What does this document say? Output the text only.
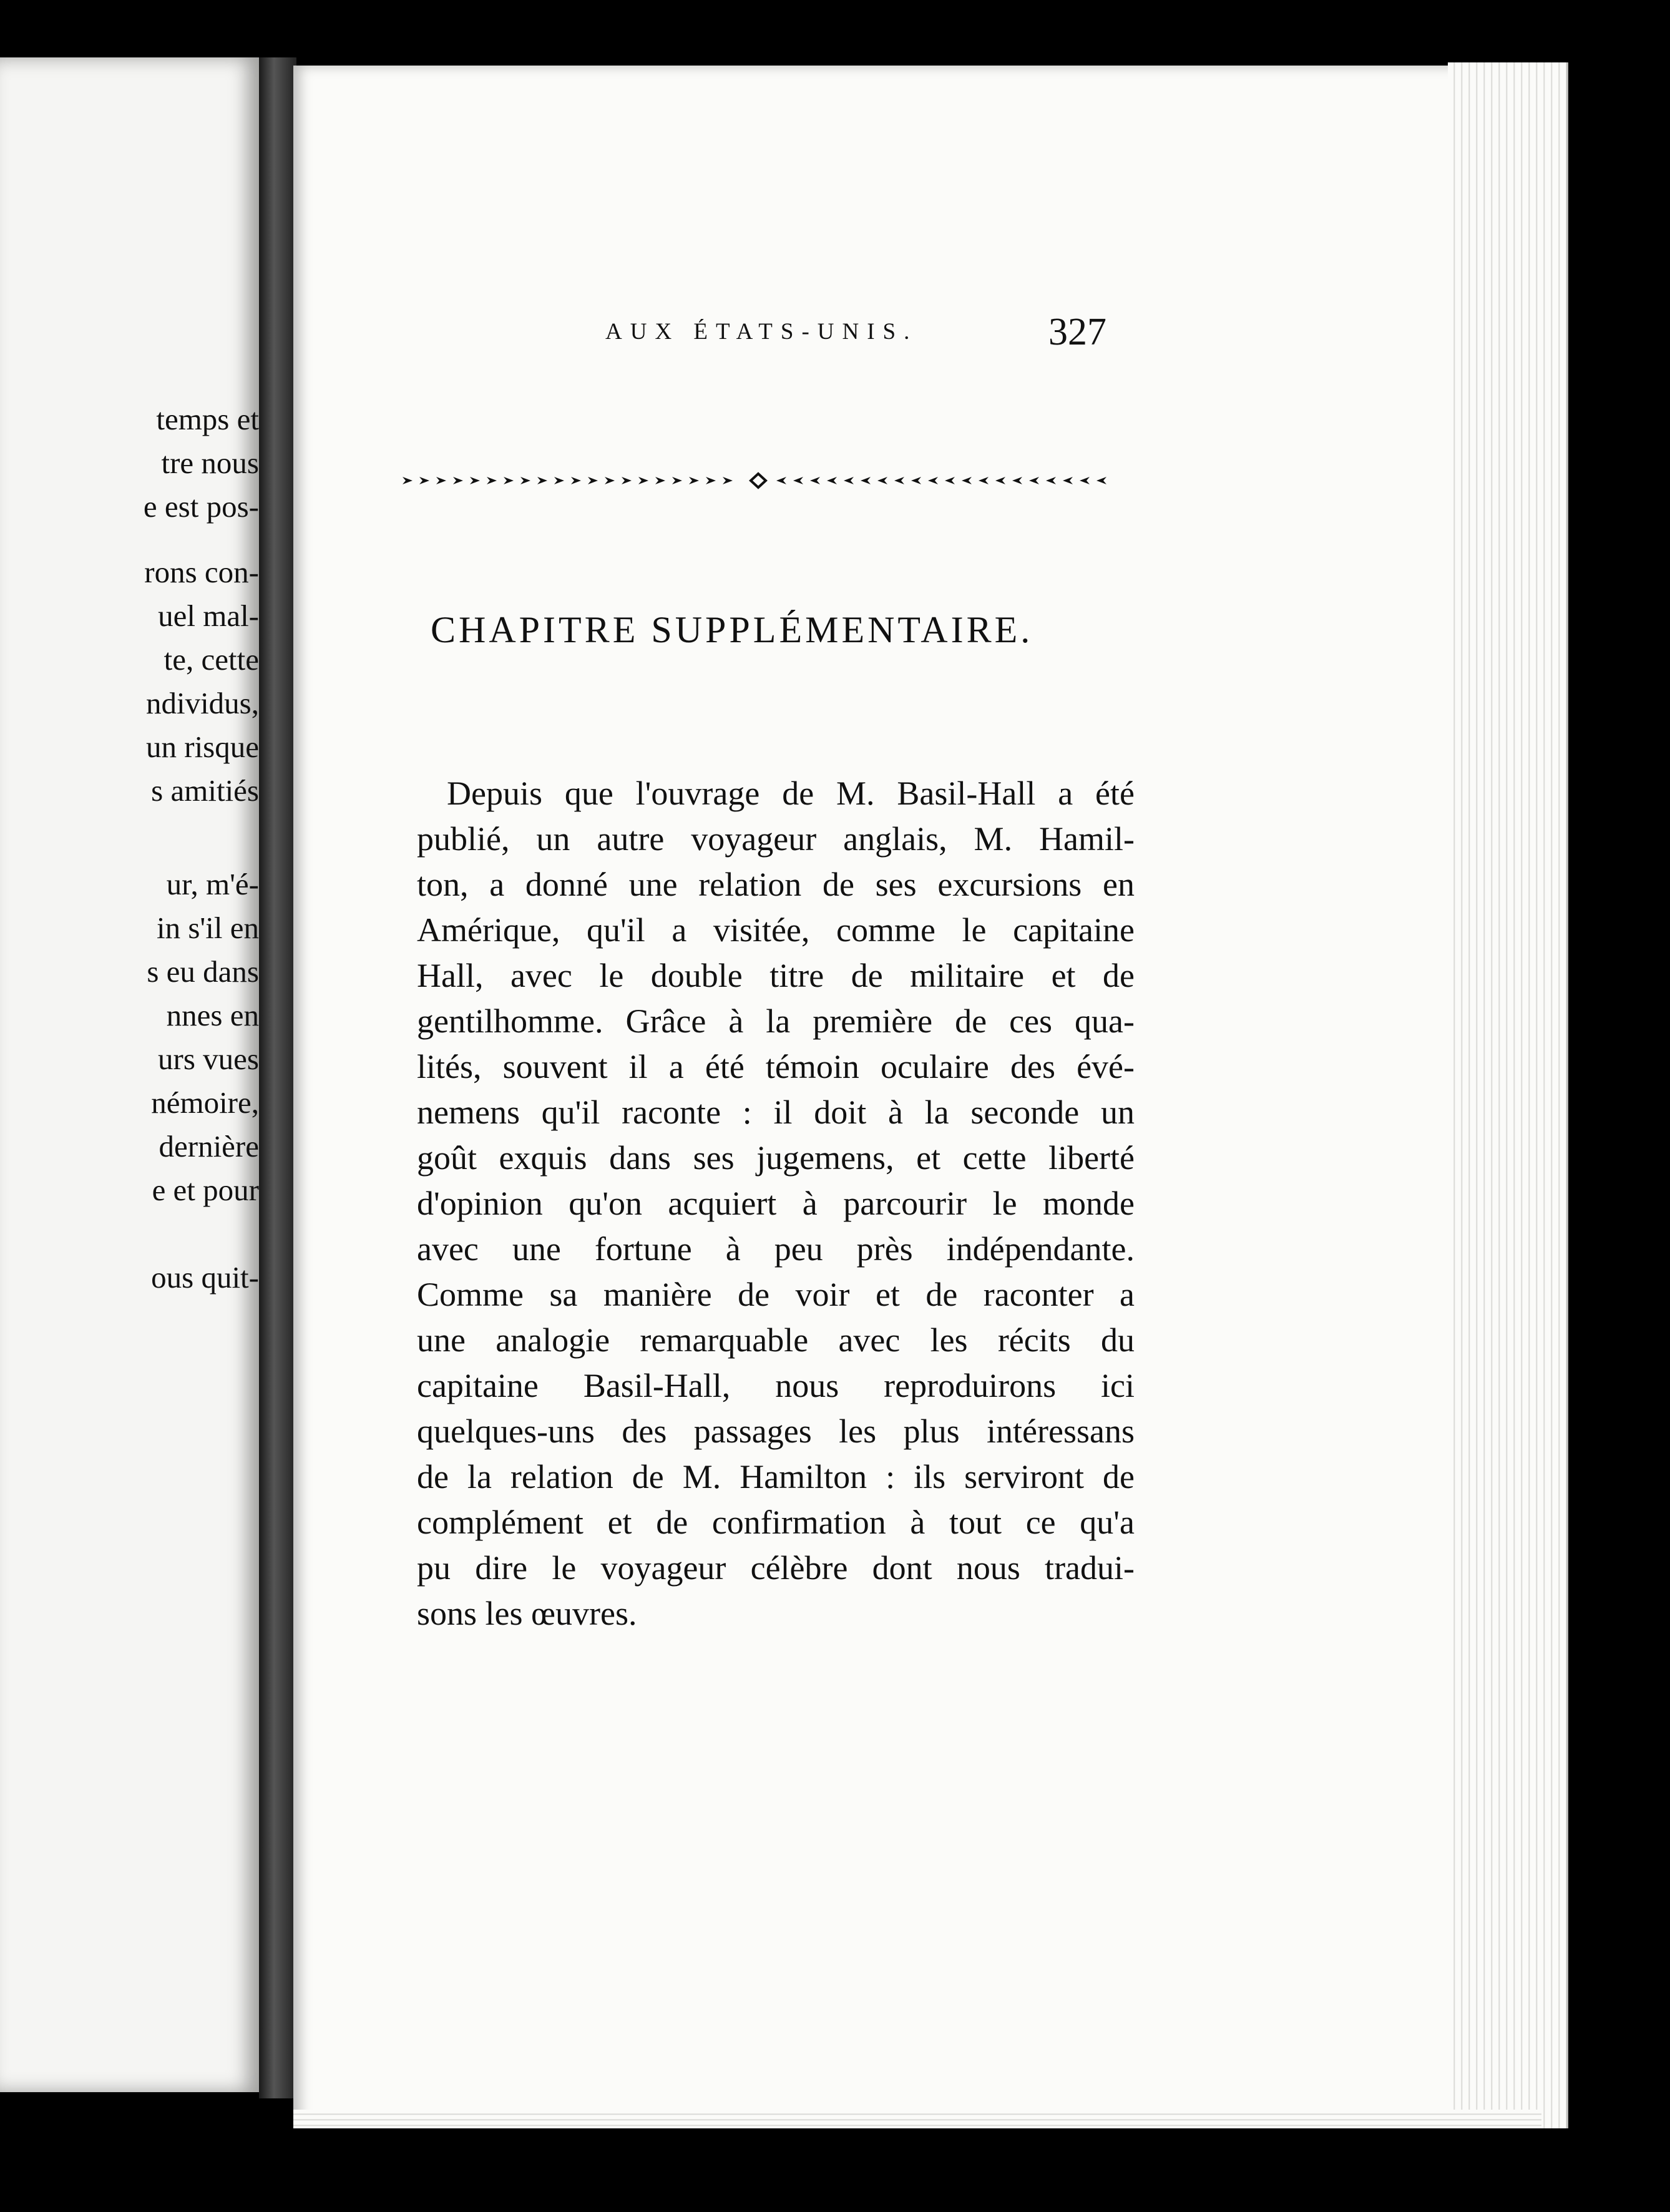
temps et
tre nous
e est pos-
rons con-
uel mal-
te, cette
ndividus,
un risque
s amitiés
ur, m'é-
in s'il en
s eu dans
nnes en
urs vues
némoire,
dernière
e et pour
ous quit-
AUX ÉTATS-UNIS.	327
CHAPITRE SUPPLÉMENTAIRE.
Depuis que l'ouvrage de M. Basil-Hall a été
publié, un autre voyageur anglais, M. Hamil-
ton, a donné une relation de ses excursions en
Amérique, qu'il a visitée, comme le capitaine
Hall, avec le double titre de militaire et de
gentilhomme. Grâce à la première de ces qua-
lités, souvent il a été témoin oculaire des évé-
nemens qu'il raconte : il doit à la seconde un
goût exquis dans ses jugemens, et cette liberté
d'opinion qu'on acquiert à parcourir le monde
avec une fortune à peu près indépendante.
Comme sa manière de voir et de raconter a
une analogie remarquable avec les récits du
capitaine Basil-Hall, nous reproduirons ici
quelques-uns des passages les plus intéressans
de la relation de M. Hamilton : ils serviront de
complément et de confirmation à tout ce qu'a
pu dire le voyageur célèbre dont nous tradui-
sons les œuvres.
